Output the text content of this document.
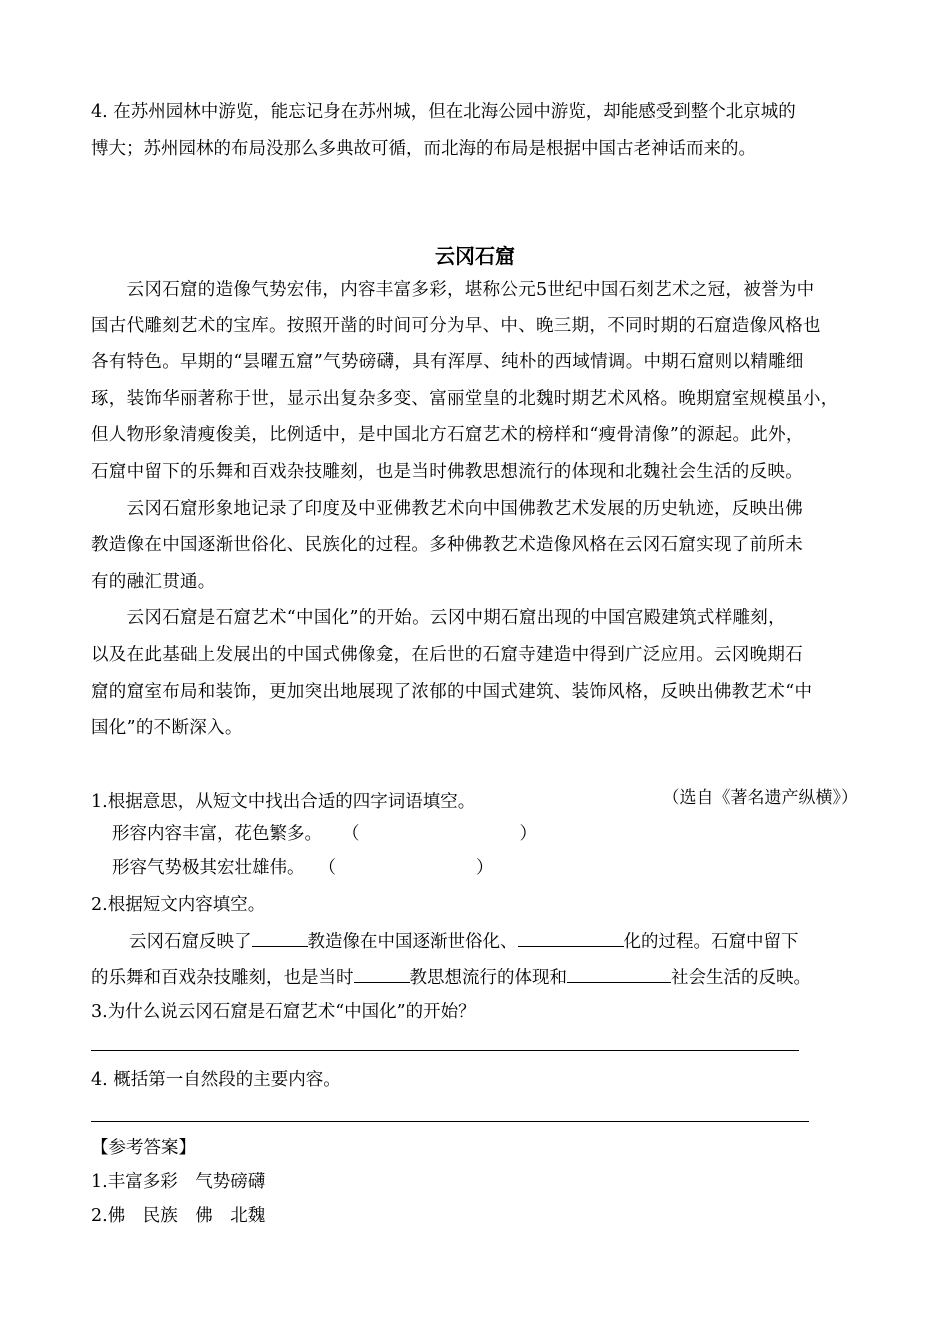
4. 在苏州园林中游览，能忘记身在苏州城，但在北海公园中游览，却能感受到整个北京城的
博大；苏州园林的布局没那么多典故可循，而北海的布局是根据中国古老神话而来的。
云冈石窟
　　云冈石窟的造像气势宏伟，内容丰富多彩，堪称公元5世纪中国石刻艺术之冠，被誉为中
国古代雕刻艺术的宝库。按照开凿的时间可分为早、中、晚三期，不同时期的石窟造像风格也
各有特色。早期的“昙曜五窟”气势磅礴，具有浑厚、纯朴的西域情调。中期石窟则以精雕细
琢，装饰华丽著称于世，显示出复杂多变、富丽堂皇的北魏时期艺术风格。晚期窟室规模虽小，
但人物形象清瘦俊美，比例适中，是中国北方石窟艺术的榜样和“瘦骨清像”的源起。此外，
石窟中留下的乐舞和百戏杂技雕刻，也是当时佛教思想流行的体现和北魏社会生活的反映。
　　云冈石窟形象地记录了印度及中亚佛教艺术向中国佛教艺术发展的历史轨迹，反映出佛
教造像在中国逐渐世俗化、民族化的过程。多种佛教艺术造像风格在云冈石窟实现了前所未
有的融汇贯通。
　　云冈石窟是石窟艺术“中国化”的开始。云冈中期石窟出现的中国宫殿建筑式样雕刻，
以及在此基础上发展出的中国式佛像龛，在后世的石窟寺建造中得到广泛应用。云冈晚期石
窟的窟室布局和装饰，更加突出地展现了浓郁的中国式建筑、装饰风格，反映出佛教艺术“中
国化”的不断深入。
（选自《著名遗产纵横》）
1.根据意思，从短文中找出合适的四字词语填空。
形容内容丰富，花色繁多。 （	）
形容气势极其宏壮雄伟。 （	）
2.根据短文内容填空。
云冈石窟反映了	教造像在中国逐渐世俗化、	化的过程。石窟中留下
的乐舞和百戏杂技雕刻，也是当时	教思想流行的体现和	社会生活的反映。
3.为什么说云冈石窟是石窟艺术“中国化”的开始？
4. 概括第一自然段的主要内容。
【参考答案】
1.丰富多彩　气势磅礴
2.佛　民族　佛　北魏
